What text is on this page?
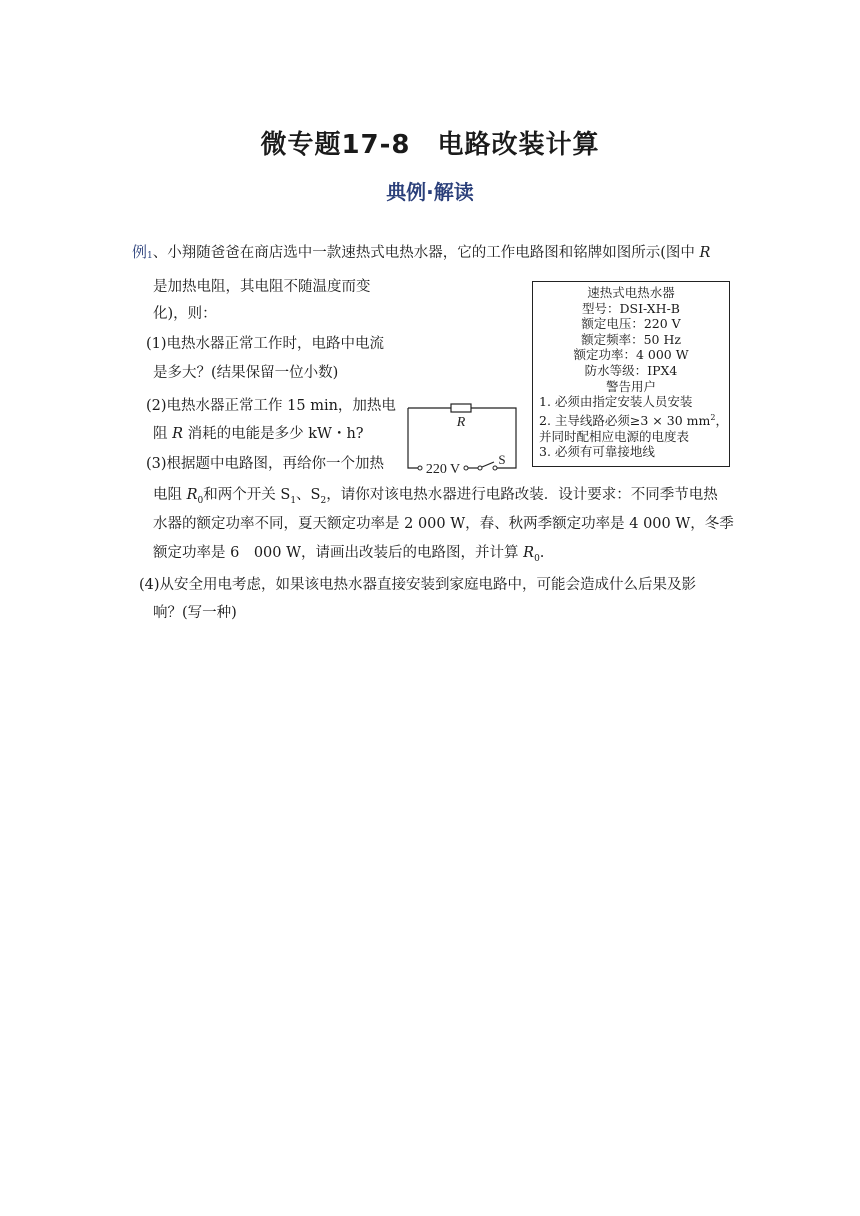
微专题17-8　电路改装计算
典例·解读
例1、小翔随爸爸在商店选中一款速热式电热水器，它的工作电路图和铭牌如图所示(图中 R
是加热电阻，其电阻不随温度而变
化)，则：
(1)电热水器正常工作时，电路中电流
是多大？(结果保留一位小数)
(2)电热水器正常工作 15 min，加热电
阻 R 消耗的电能是多少 kW・h?
(3)根据题中电路图，再给你一个加热
电阻 $R_0$和两个开关 $S_1$、$S_2$，请你对该电热水器进行电路改装．设计要求：不同季节电热
水器的额定功率不同，夏天额定功率是 2 000 W，春、秋两季额定功率是 4 000 W，冬季
额定功率是 6　000 W，请画出改装后的电路图，并计算 $R_0$.
(4)从安全用电考虑，如果该电热水器直接安装到家庭电路中，可能会造成什么后果及影
响？(写一种)
R
220 V
S
速热式电热水器
型号：DSI-XH-B
额定电压：220 V
额定频率：50 Hz
额定功率：4 000 W
防水等级：IPX4
警告用户
1. 必须由指定安装人员安装
2. 主导线路必须≥3 × 30 $mm^2$，
并同时配相应电源的电度表
3. 必须有可靠接地线
